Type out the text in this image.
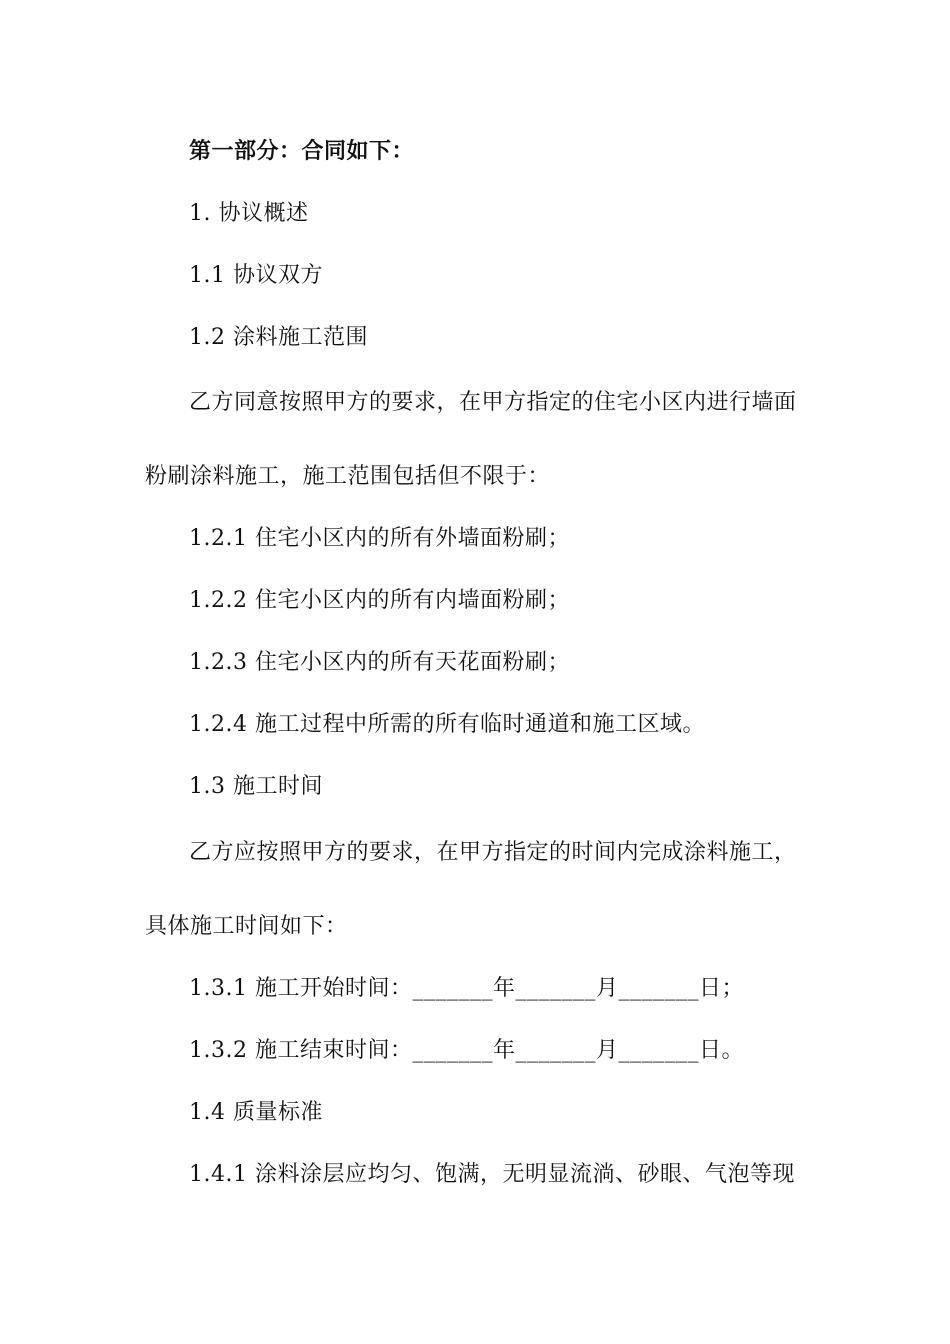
第一部分：合同如下：
1. 协议概述
1.1 协议双方
1.2 涂料施工范围
乙方同意按照甲方的要求，在甲方指定的住宅小区内进行墙面
粉刷涂料施工，施工范围包括但不限于：
1.2.1 住宅小区内的所有外墙面粉刷；
1.2.2 住宅小区内的所有内墙面粉刷；
1.2.3 住宅小区内的所有天花面粉刷；
1.2.4 施工过程中所需的所有临时通道和施工区域。
1.3 施工时间
乙方应按照甲方的要求，在甲方指定的时间内完成涂料施工，
具体施工时间如下：
1.3.1 施工开始时间：_______年_______月_______日；
1.3.2 施工结束时间：_______年_______月_______日。
1.4 质量标准
1.4.1 涂料涂层应均匀、饱满，无明显流淌、砂眼、气泡等现
